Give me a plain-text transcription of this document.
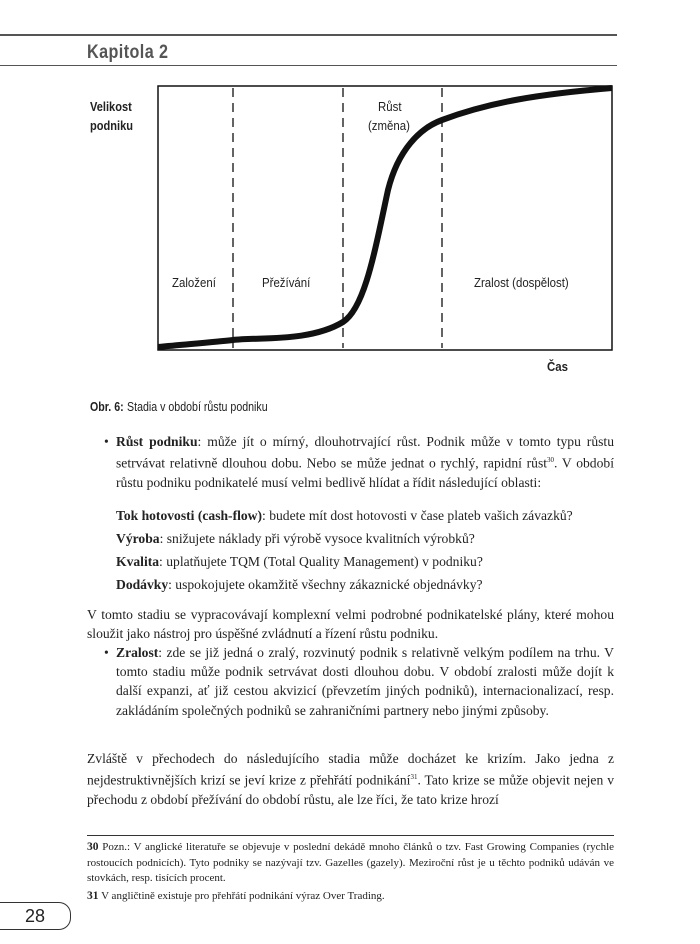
Kapitola 2
Velikost
podniku
Založení	Přežívání
Růst
(změna)
Zralost (dospělost)
Čas
Obr. 6: Stadia v období růstu podniku
• Růst podniku: může jít o mírný, dlouhotrvající růst. Podnik může v tomto typu růstu setrvávat relativně dlouhou dobu. Nebo se může jednat o rychlý, rapidní růst$^{30}$. V období růstu podniku podnikatelé musí velmi bedlivě hlídat a řídit následující oblasti:
Tok hotovosti (cash-flow): budete mít dost hotovosti v čase plateb vašich závazků?
Výroba: snižujete náklady při výrobě vysoce kvalitních výrobků?
Kvalita: uplatňujete TQM (Total Quality Management) v podniku?
Dodávky: uspokojujete okamžitě všechny zákaznické objednávky?
V tomto stadiu se vypracovávají komplexní velmi podrobné podnikatelské plány, které mohou sloužit jako nástroj pro úspěšné zvládnutí a řízení růstu podniku.
• Zralost: zde se již jedná o zralý, rozvinutý podnik s relativně velkým podílem na trhu. V tomto stadiu může podnik setrvávat dosti dlouhou dobu. V období zralosti může dojít k další expanzi, ať již cestou akvizicí (převzetím jiných podniků), internacionalizací, resp. zakládáním společných podniků se zahraničními partnery nebo jinými způsoby.
Zvláště v přechodech do následujícího stadia může docházet ke krizím. Jako jedna z nejdestruktivnějších krizí se jeví krize z přehřátí podnikání$^{31}$. Tato krize se může objevit nejen v přechodu z období přežívání do období růstu, ale lze říci, že tato krize hrozí
30 Pozn.: V anglické literatuře se objevuje v poslední dekádě mnoho článků o tzv. Fast Growing Companies (rychle rostoucích podnicích). Tyto podniky se nazývají tzv. Gazelles (gazely). Meziroční růst je u těchto podniků udáván ve stovkách, resp. tisících procent.
31 V angličtině existuje pro přehřátí podnikání výraz Over Trading.
28
